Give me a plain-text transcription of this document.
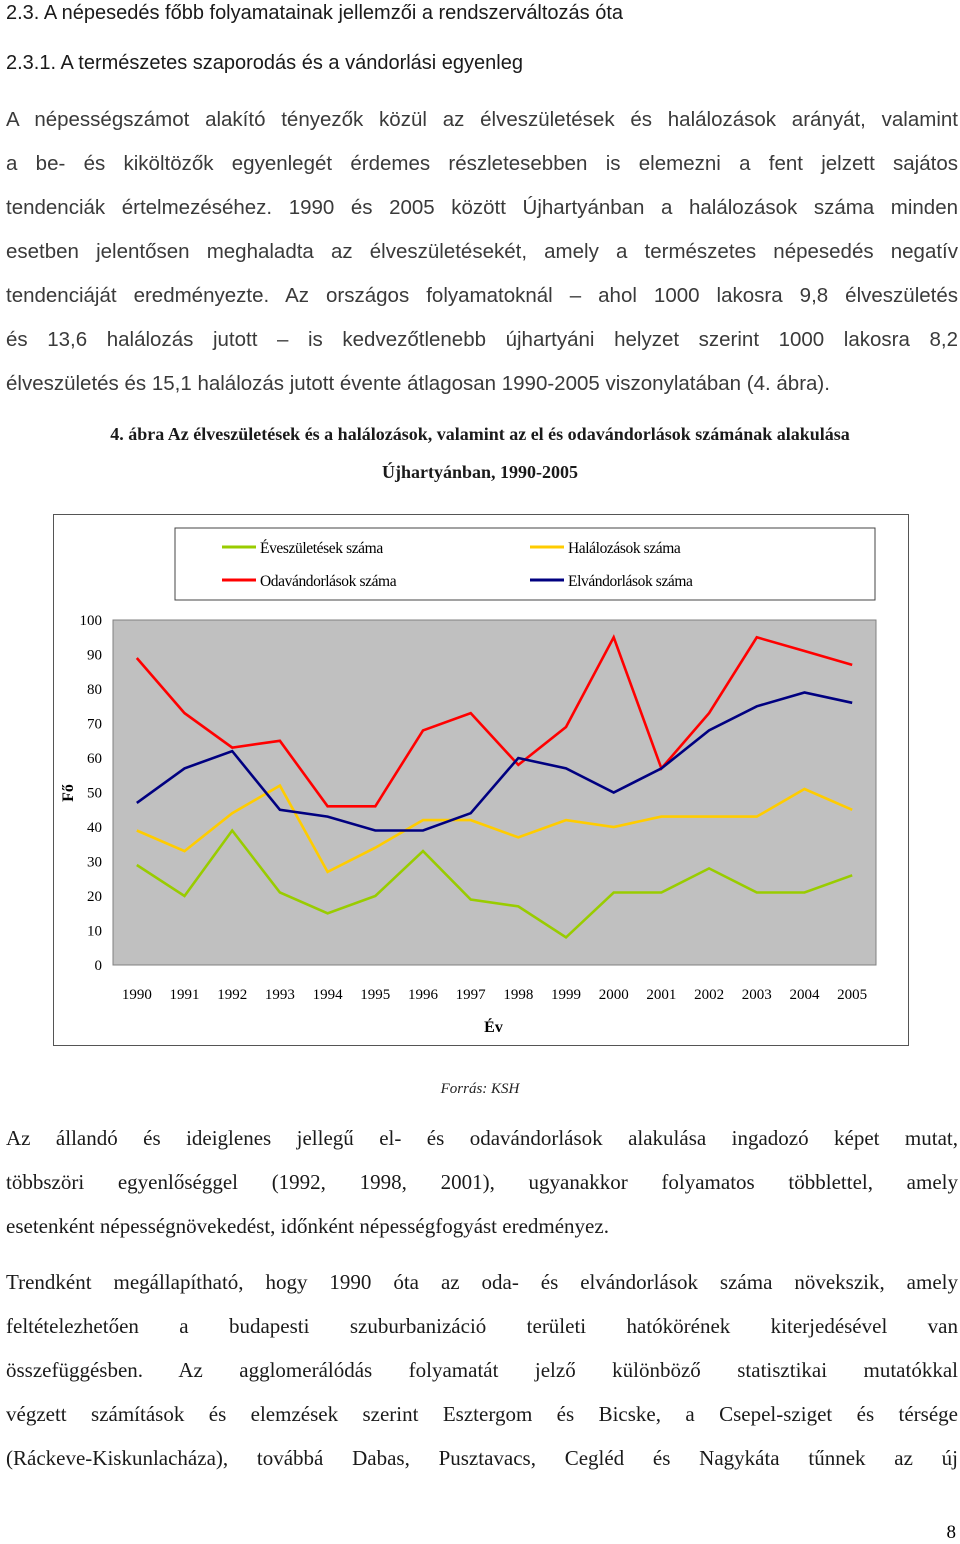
2.3. A népesedés főbb folyamatainak jellemzői a rendszerváltozás óta
2.3.1. A természetes szaporodás és a vándorlási egyenleg
A népességszámot alakító tényezők közül az élveszületések és halálozások arányát, valamint
a be- és kiköltözők egyenlegét érdemes részletesebben is elemezni a fent jelzett sajátos
tendenciák értelmezéséhez. 1990 és 2005 között Újhartyánban a halálozások száma minden
esetben jelentősen meghaladta az élveszületésekét, amely a természetes népesedés negatív
tendenciáját eredményezte. Az országos folyamatoknál – ahol 1000 lakosra 9,8 élveszületés
és 13,6 halálozás jutott – is kedvezőtlenebb újhartyáni helyzet szerint 1000 lakosra 8,2
élveszületés és 15,1 halálozás jutott évente átlagosan 1990-2005 viszonylatában (4. ábra).
4. ábra Az élveszületések és a halálozások, valamint az el és odavándorlások számának alakulása
Újhartyánban, 1990-2005
Éveszületések száma	Halálozások száma
Odavándorlások száma	Elvándorlások száma
0
10
20
30
40
50
60
70
80
90
100
1990 1991 1992 1993 1994 1995 1996 1997 1998 1999 2000 2001 2002 2003 2004 2005
Év
Fő
Forrás: KSH
Az állandó és ideiglenes jellegű el- és odavándorlások alakulása ingadozó képet mutat,
többszöri egyenlőséggel (1992, 1998, 2001), ugyanakkor folyamatos többlettel, amely
esetenként népességnövekedést, időnként népességfogyást eredményez.
Trendként megállapítható, hogy 1990 óta az oda- és elvándorlások száma növekszik, amely
feltételezhetően a budapesti szuburbanizáció területi hatókörének kiterjedésével van
összefüggésben. Az agglomerálódás folyamatát jelző különböző statisztikai mutatókkal
végzett számítások és elemzések szerint Esztergom és Bicske, a Csepel-sziget és térsége
(Ráckeve-Kiskunlacháza), továbbá Dabas, Pusztavacs, Cegléd és Nagykáta tűnnek az új
8
